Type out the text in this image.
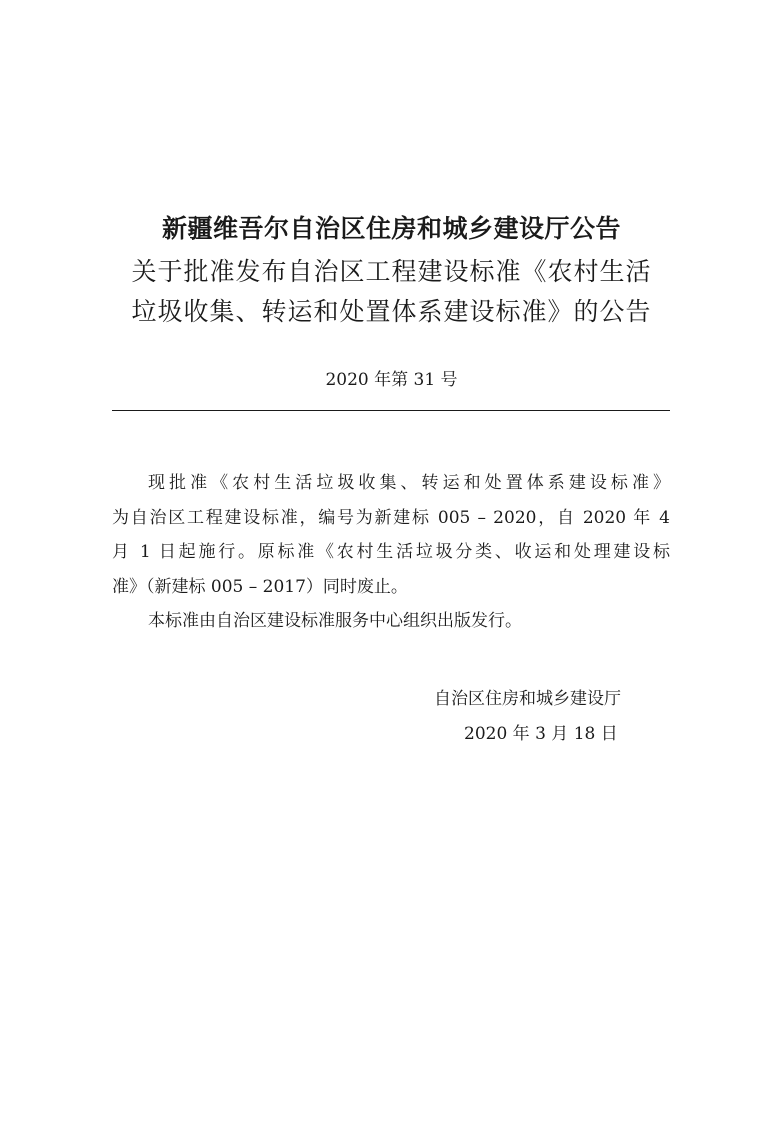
新疆维吾尔自治区住房和城乡建设厅公告
关于批准发布自治区工程建设标准《农村生活
垃圾收集、转运和处置体系建设标准》的公告
2020 年第 31 号
现批准《农村生活垃圾收集、转运和处置体系建设标准》
为自治区工程建设标准，编号为新建标 005 – 2020，自 2020 年 4
月 1 日起施行。原标准《农村生活垃圾分类、收运和处理建设标
准》（新建标 005 – 2017）同时废止。
本标准由自治区建设标准服务中心组织出版发行。
自治区住房和城乡建设厅
2020 年 3 月 18 日
